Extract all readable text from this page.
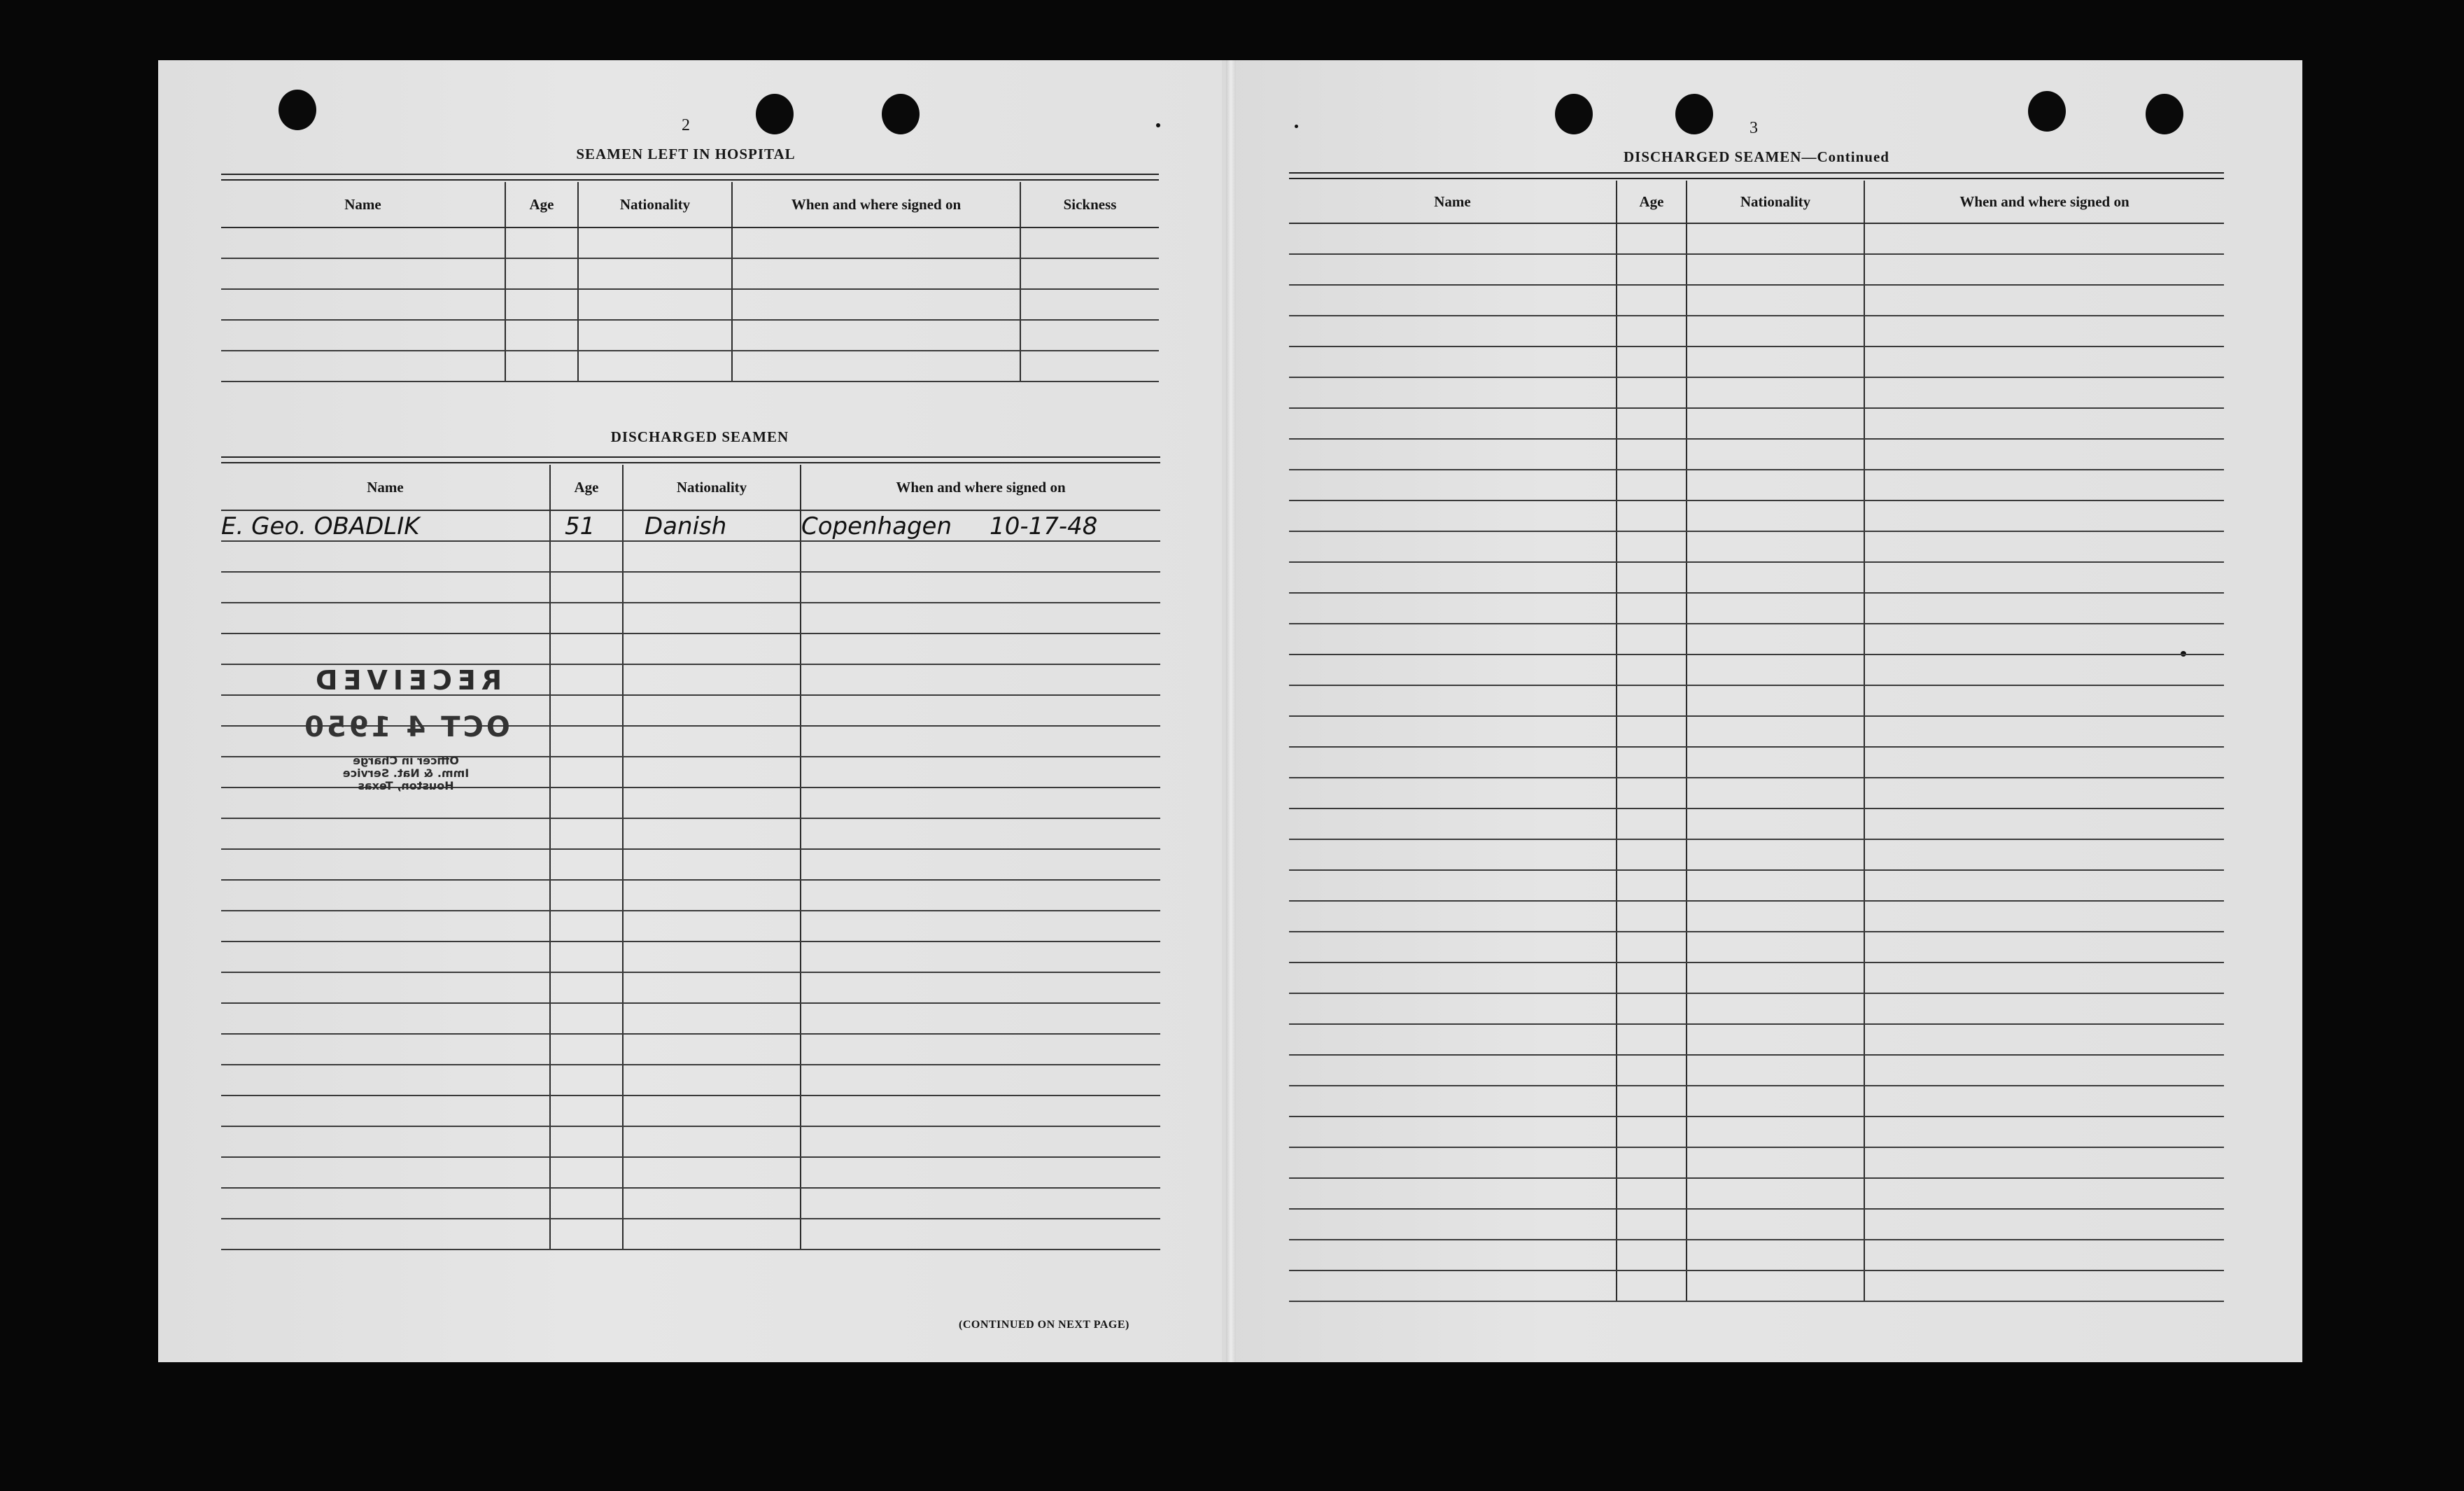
2
SEAMEN LEFT IN HOSPITAL
Name	Age	Nationality	When and where signed on	Sickness

DISCHARGED SEAMEN
Name	Age	Nationality	When and where signed on
E. Geo. OBADLIK	51	Danish	Copenhagen     10-17-48

RECEIVED
OCT 4 1950
Officer in Charge
Imm. & Nat. Service
Houston, Texas
(CONTINUED ON NEXT PAGE)
3
DISCHARGED SEAMEN—Continued
Name	Age	Nationality	When and where signed on
